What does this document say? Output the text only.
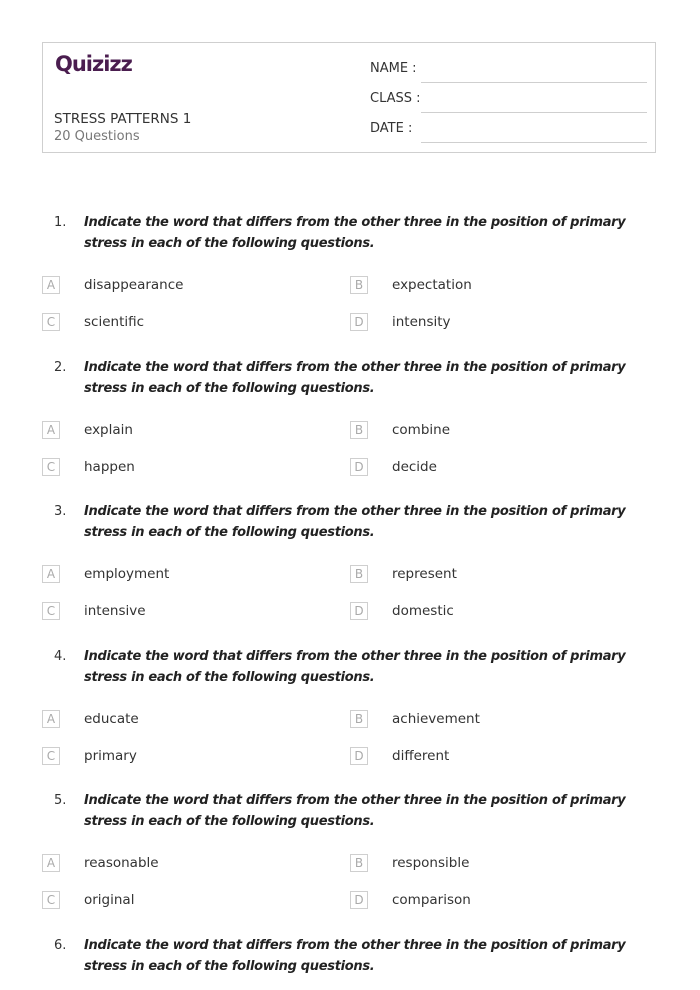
Quizizz
STRESS PATTERNS 1
20 Questions
NAME :
CLASS :
DATE :
1. Indicate the word that differs from the other three in the position of primary stress in each of the following questions.
A	disappearance	B	expectation
C	scientific	D	intensity
2. Indicate the word that differs from the other three in the position of primary stress in each of the following questions.
A	explain	B	combine
C	happen	D	decide
3. Indicate the word that differs from the other three in the position of primary stress in each of the following questions.
A	employment	B	represent
C	intensive	D	domestic
4. Indicate the word that differs from the other three in the position of primary stress in each of the following questions.
A	educate	B	achievement
C	primary	D	different
5. Indicate the word that differs from the other three in the position of primary stress in each of the following questions.
A	reasonable	B	responsible
C	original	D	comparison
6. Indicate the word that differs from the other three in the position of primary stress in each of the following questions.
